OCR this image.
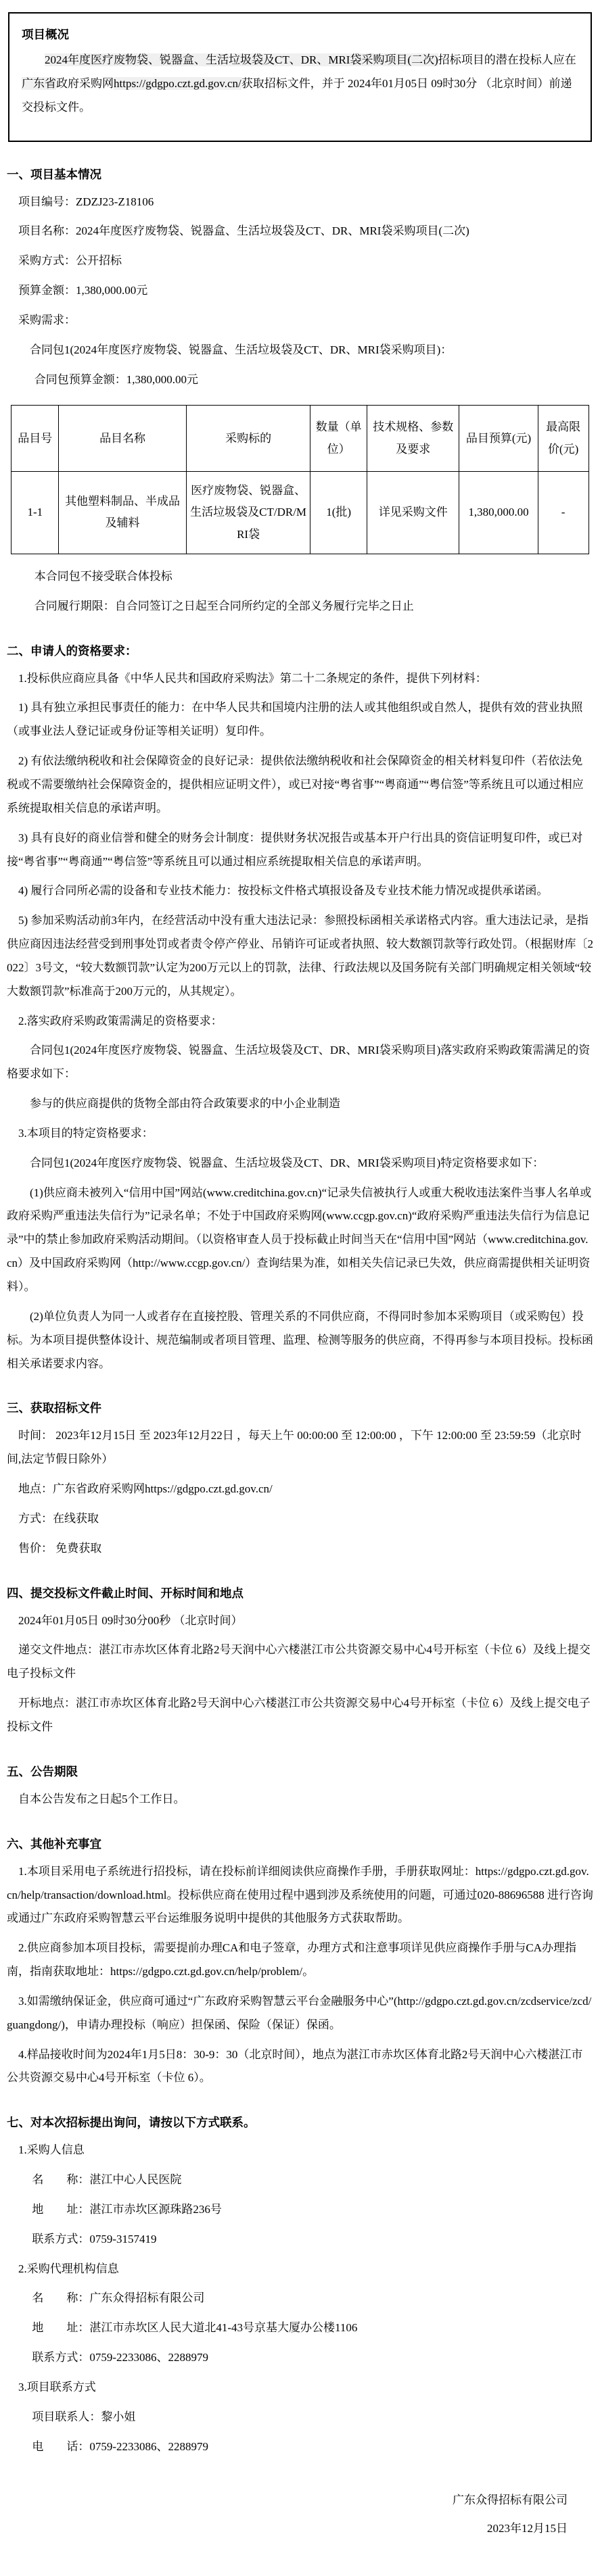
项目概况

2024年度医疗废物袋、锐器盒、生活垃圾袋及CT、DR、MRI袋采购项目(二次)招标项目的潜在投标人应在广东省政府采购网https://gdgpo.czt.gd.gov.cn/获取招标文件，并于 2024年01月05日 09时30分 （北京时间）前递交投标文件。

一、项目基本情况

项目编号：ZDZJ23-Z18106

项目名称：2024年度医疗废物袋、锐器盒、生活垃圾袋及CT、DR、MRI袋采购项目(二次)

采购方式：公开招标

预算金额：1,380,000.00元

采购需求：

合同包1(2024年度医疗废物袋、锐器盒、生活垃圾袋及CT、DR、MRI袋采购项目)：

合同包预算金额：1,380,000.00元

品目号	品目名称	采购标的	数量（单位）	技术规格、参数及要求	品目预算(元)	最高限价(元)
1-1	其他塑料制品、半成品及辅料	医疗废物袋、锐器盒、生活垃圾袋及CT/DR/MRI袋	1(批)	详见采购文件	1,380,000.00	-

本合同包不接受联合体投标

合同履行期限：自合同签订之日起至合同所约定的全部义务履行完毕之日止

二、申请人的资格要求：

1.投标供应商应具备《中华人民共和国政府采购法》第二十二条规定的条件，提供下列材料：

1) 具有独立承担民事责任的能力：在中华人民共和国境内注册的法人或其他组织或自然人，提供有效的营业执照（或事业法人登记证或身份证等相关证明）复印件。

2) 有依法缴纳税收和社会保障资金的良好记录：提供依法缴纳税收和社会保障资金的相关材料复印件（若依法免税或不需要缴纳社会保障资金的，提供相应证明文件），或已对接“粤省事”“粤商通”“粤信签”等系统且可以通过相应系统提取相关信息的承诺声明。

3) 具有良好的商业信誉和健全的财务会计制度：提供财务状况报告或基本开户行出具的资信证明复印件，或已对接“粤省事”“粤商通”“粤信签”等系统且可以通过相应系统提取相关信息的承诺声明。

4) 履行合同所必需的设备和专业技术能力：按投标文件格式填报设备及专业技术能力情况或提供承诺函。

5) 参加采购活动前3年内，在经营活动中没有重大违法记录：参照投标函相关承诺格式内容。重大违法记录，是指供应商因违法经营受到刑事处罚或者责令停产停业、吊销许可证或者执照、较大数额罚款等行政处罚。（根据财库〔2022〕3号文，“较大数额罚款”认定为200万元以上的罚款，法律、行政法规以及国务院有关部门明确规定相关领域“较大数额罚款”标准高于200万元的，从其规定）。

2.落实政府采购政策需满足的资格要求：

合同包1(2024年度医疗废物袋、锐器盒、生活垃圾袋及CT、DR、MRI袋采购项目)落实政府采购政策需满足的资格要求如下：

参与的供应商提供的货物全部由符合政策要求的中小企业制造

3.本项目的特定资格要求：

合同包1(2024年度医疗废物袋、锐器盒、生活垃圾袋及CT、DR、MRI袋采购项目)特定资格要求如下：

(1)供应商未被列入“信用中国”网站(www.creditchina.gov.cn)“记录失信被执行人或重大税收违法案件当事人名单或政府采购严重违法失信行为”记录名单；不处于中国政府采购网(www.ccgp.gov.cn)“政府采购严重违法失信行为信息记录”中的禁止参加政府采购活动期间。（以资格审查人员于投标截止时间当天在“信用中国”网站（www.creditchina.gov.cn）及中国政府采购网（http://www.ccgp.gov.cn/）查询结果为准，如相关失信记录已失效，供应商需提供相关证明资料）。

(2)单位负责人为同一人或者存在直接控股、管理关系的不同供应商，不得同时参加本采购项目（或采购包）投标。为本项目提供整体设计、规范编制或者项目管理、监理、检测等服务的供应商，不得再参与本项目投标。投标函相关承诺要求内容。

三、获取招标文件

时间： 2023年12月15日 至 2023年12月22日 ，每天上午 00:00:00 至 12:00:00 ，下午 12:00:00 至 23:59:59（北京时间,法定节假日除外）

地点：广东省政府采购网https://gdgpo.czt.gd.gov.cn/

方式：在线获取

售价： 免费获取

四、提交投标文件截止时间、开标时间和地点

2024年01月05日 09时30分00秒 （北京时间）

递交文件地点：湛江市赤坎区体育北路2号天润中心六楼湛江市公共资源交易中心4号开标室（卡位 6）及线上提交电子投标文件

开标地点：湛江市赤坎区体育北路2号天润中心六楼湛江市公共资源交易中心4号开标室（卡位 6）及线上提交电子投标文件

五、公告期限

自本公告发布之日起5个工作日。

六、其他补充事宜

1.本项目采用电子系统进行招投标，请在投标前详细阅读供应商操作手册，手册获取网址：https://gdgpo.czt.gd.gov.cn/help/transaction/download.html。投标供应商在使用过程中遇到涉及系统使用的问题，可通过020-88696588 进行咨询或通过广东政府采购智慧云平台运维服务说明中提供的其他服务方式获取帮助。

2.供应商参加本项目投标，需要提前办理CA和电子签章，办理方式和注意事项详见供应商操作手册与CA办理指南，指南获取地址：https://gdgpo.czt.gd.gov.cn/help/problem/。

3.如需缴纳保证金，供应商可通过“广东政府采购智慧云平台金融服务中心”(http://gdgpo.czt.gd.gov.cn/zcdservice/zcd/guangdong/)，申请办理投标（响应）担保函、保险（保证）保函。

4.样品接收时间为2024年1月5日8：30-9：30（北京时间），地点为湛江市赤坎区体育北路2号天润中心六楼湛江市公共资源交易中心4号开标室（卡位 6）。

七、对本次招标提出询问，请按以下方式联系。

1.采购人信息

名　　称：湛江中心人民医院

地　　址：湛江市赤坎区源珠路236号

联系方式：0759-3157419

2.采购代理机构信息

名　　称：广东众得招标有限公司

地　　址：湛江市赤坎区人民大道北41-43号京基大厦办公楼1106

联系方式：0759-2233086、2288979

3.项目联系方式

项目联系人：黎小姐

电　　话：0759-2233086、2288979

广东众得招标有限公司
2023年12月15日
